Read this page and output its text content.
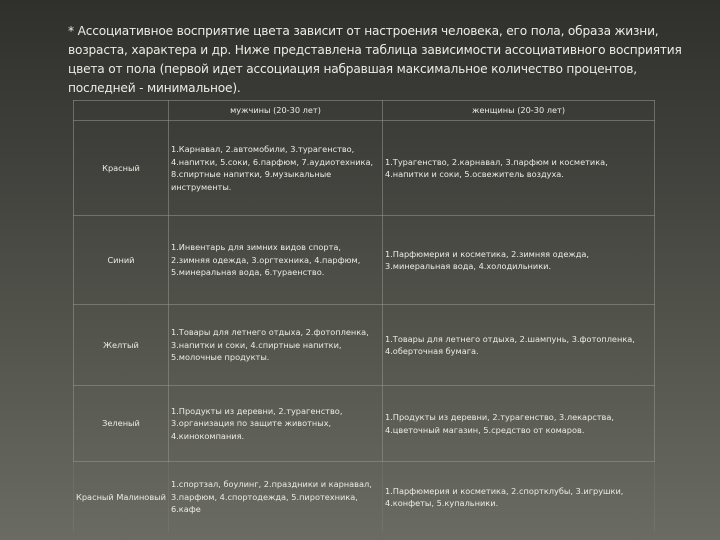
* Ассоциативное восприятие цвета зависит от настроения человека, его пола, образа жизни, возраста, характера и др. Ниже представлена таблица зависимости ассоциативного восприятия цвета от пола (первой идет ассоциация набравшая максимальное количество процентов, последней - минимальное).
	мужчины (20-30 лет)	женщины (20-30 лет)
Красный	1.Карнавал, 2.автомобили, 3.турагенство, 4.напитки, 5.соки, 6.парфюм, 7.аудиотехника, 8.спиртные напитки, 9.музыкальные инструменты.	1.Турагенство, 2.карнавал, 3.парфюм и косметика, 4.напитки и соки, 5.освежитель воздуха.
Синий	1.Инвентарь для зимних видов спорта, 2.зимняя одежда, 3.оргтехника, 4.парфюм, 5.минеральная вода, 6.тураенство.	1.Парфюмерия и косметика, 2.зимняя одежда, 3.минеральная вода, 4.холодильники.
Желтый	1.Товары для летнего отдыха, 2.фотопленка, 3.напитки и соки, 4.спиртные напитки, 5.молочные продукты.	1.Товары для летнего отдыха, 2.шампунь, 3.фотопленка, 4.оберточная бумага.
Зеленый	1.Продукты из деревни, 2.турагенство, 3.организация по защите животных, 4.кинокомпания.	1.Продукты из деревни, 2.турагенство, 3.лекарства, 4.цветочный магазин, 5.средство от комаров.
Красный Малиновый	1.спортзал, боулинг, 2.праздники и карнавал, 3.парфюм, 4.спортодежда, 5.пиротехника, 6.кафе	1.Парфюмерия и косметика, 2.спортклубы, 3.игрушки, 4.конфеты, 5.купальники.
